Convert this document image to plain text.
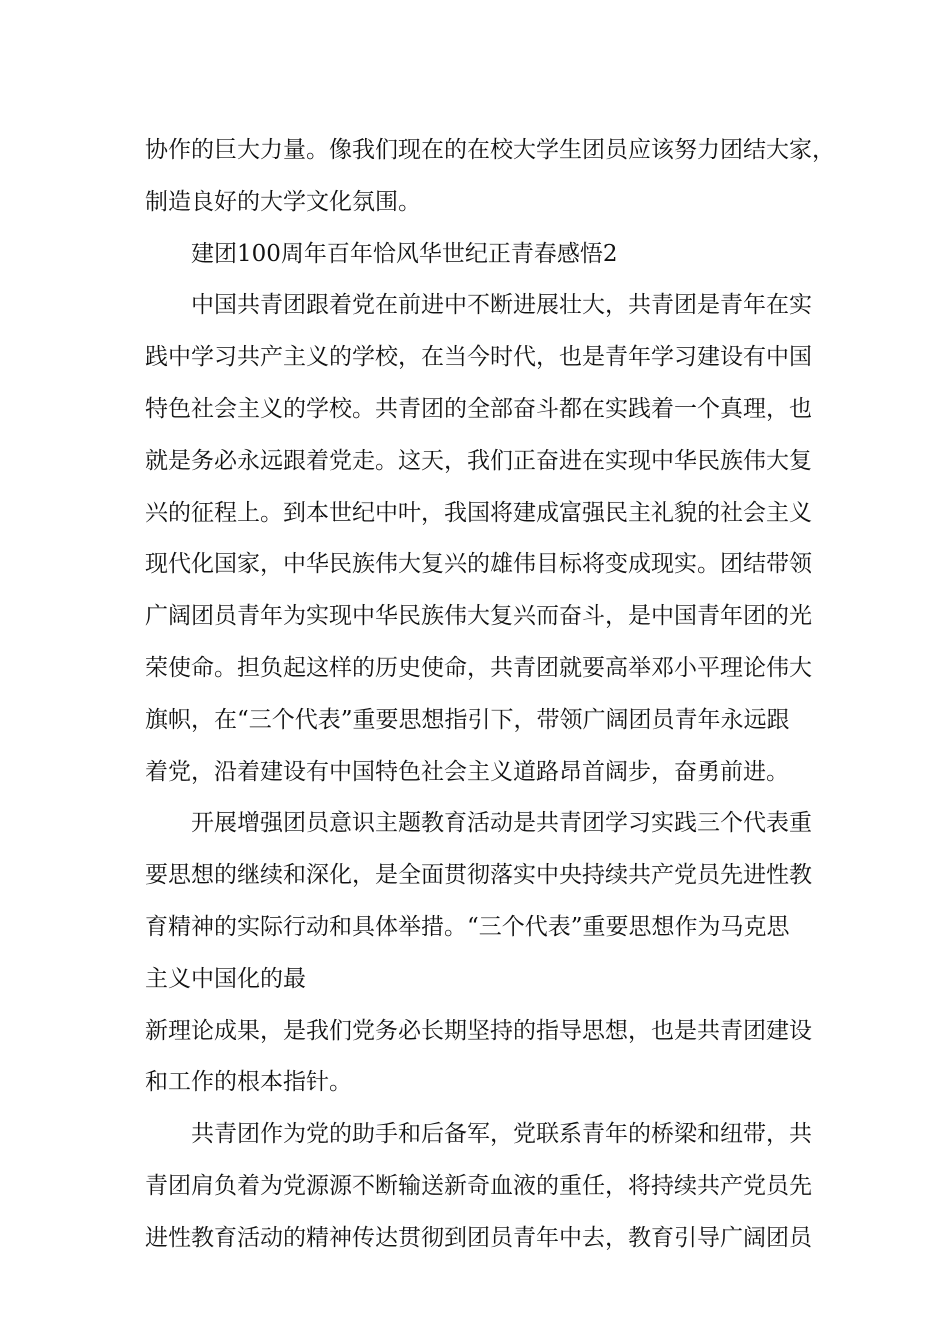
协作的巨大力量。像我们现在的在校大学生团员应该努力团结大家，
制造良好的大学文化氛围。
建团100周年百年恰风华世纪正青春感悟2
中国共青团跟着党在前进中不断进展壮大，共青团是青年在实
践中学习共产主义的学校，在当今时代，也是青年学习建设有中国
特色社会主义的学校。共青团的全部奋斗都在实践着一个真理，也
就是务必永远跟着党走。这天，我们正奋进在实现中华民族伟大复
兴的征程上。到本世纪中叶，我国将建成富强民主礼貌的社会主义
现代化国家，中华民族伟大复兴的雄伟目标将变成现实。团结带领
广阔团员青年为实现中华民族伟大复兴而奋斗，是中国青年团的光
荣使命。担负起这样的历史使命，共青团就要高举邓小平理论伟大
旗帜，在“三个代表”重要思想指引下，带领广阔团员青年永远跟
着党，沿着建设有中国特色社会主义道路昂首阔步，奋勇前进。
开展增强团员意识主题教育活动是共青团学习实践三个代表重
要思想的继续和深化，是全面贯彻落实中央持续共产党员先进性教
育精神的实际行动和具体举措。“三个代表”重要思想作为马克思
主义中国化的最
新理论成果，是我们党务必长期坚持的指导思想，也是共青团建设
和工作的根本指针。
共青团作为党的助手和后备军，党联系青年的桥梁和纽带，共
青团肩负着为党源源不断输送新奇血液的重任，将持续共产党员先
进性教育活动的精神传达贯彻到团员青年中去，教育引导广阔团员
